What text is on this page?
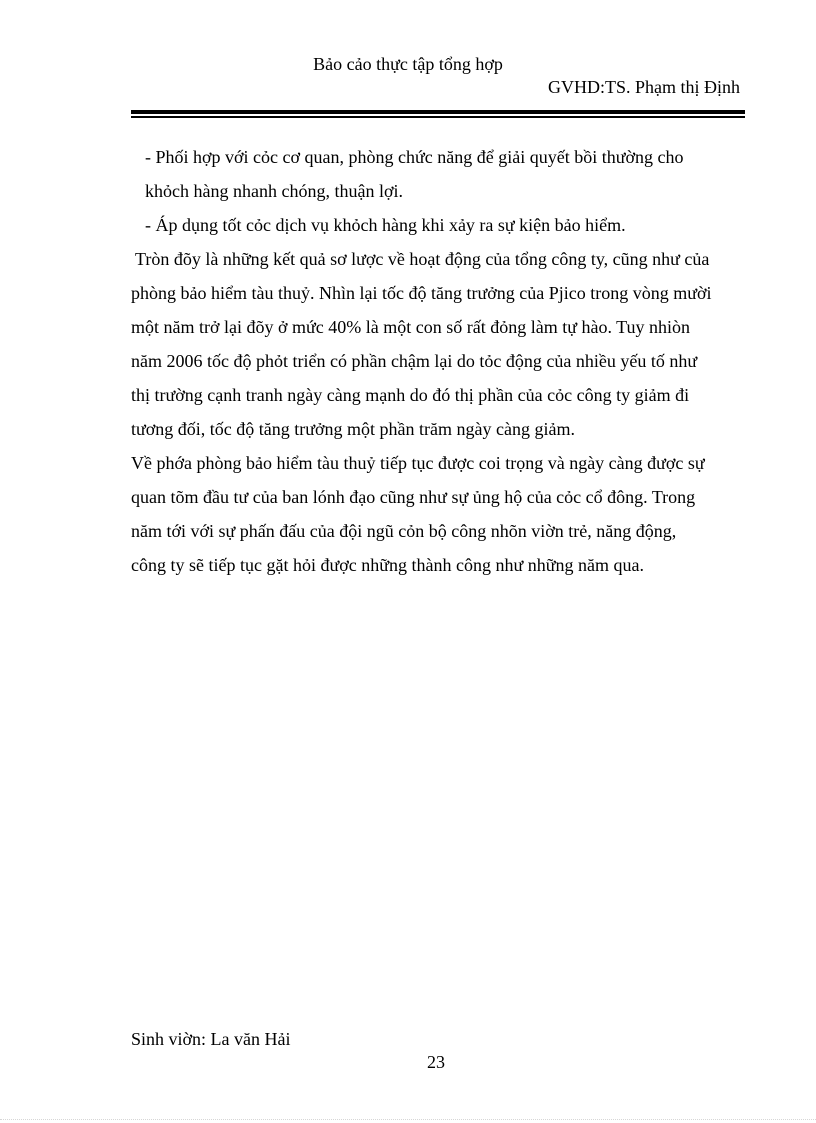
Bảo cảo thực tập tổng hợp
GVHD:TS. Phạm thị Định
- Phối hợp với cỏc cơ quan, phòng chức năng để giải quyết bồi thường cho
khỏch hàng nhanh chóng, thuận lợi.
- Áp dụng tốt cỏc dịch vụ khỏch hàng khi xảy ra sự kiện bảo hiểm.
Tròn đõy là những kết quả sơ lược về hoạt động của tổng công ty, cũng như của
phòng bảo hiểm tàu thuỷ. Nhìn lại tốc độ tăng trưởng của Pjico trong vòng mười
một năm trở lại đõy ở mức 40% là một con số rất đỏng làm tự hào. Tuy nhiòn
năm 2006 tốc độ phỏt triển có phần chậm lại do tỏc động của nhiều yếu tố như
thị trường cạnh tranh ngày càng mạnh do đó thị phần của cỏc công ty giảm đi
tương đối, tốc độ tăng trưởng một phần trăm ngày càng giảm.
Về phớa phòng bảo hiểm tàu thuỷ tiếp tục được coi trọng và ngày càng được sự
quan tõm đầu tư của ban lónh đạo cũng như sự ủng hộ của cỏc cổ đông. Trong
năm tới với sự phấn đấu của đội ngũ cỏn bộ công nhõn viờn trẻ, năng động,
công ty sẽ tiếp tục gặt hỏi được những thành công như những năm qua.
Sinh viờn: La văn Hải
23
